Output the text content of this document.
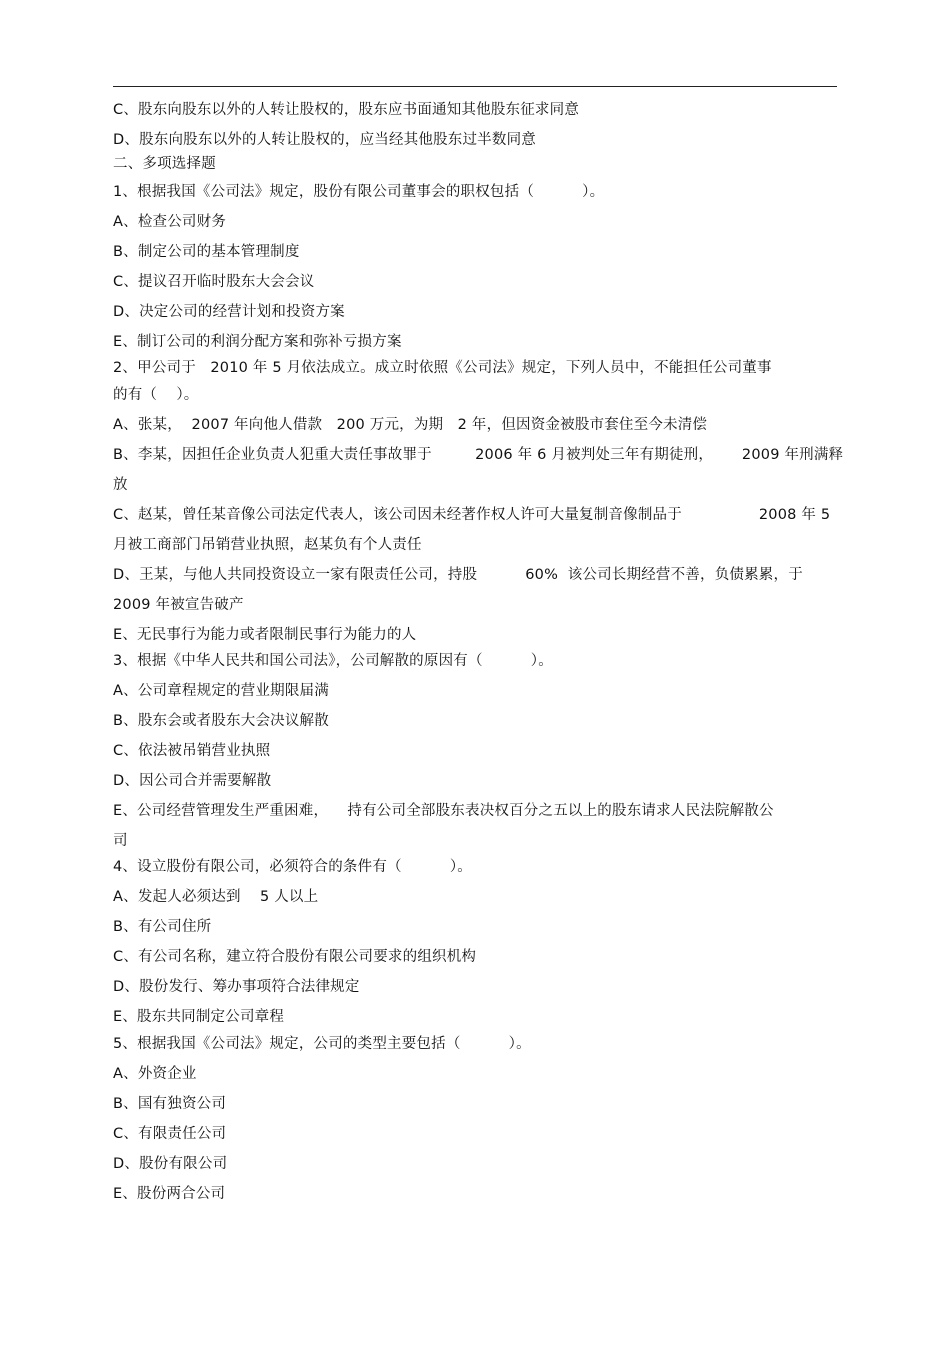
C、股东向股东以外的人转让股权的，股东应书面通知其他股东征求同意
D、股东向股东以外的人转让股权的，应当经其他股东过半数同意
二、多项选择题
1、根据我国《公司法》规定，股份有限公司董事会的职权包括（          ）。
A、检查公司财务
B、制定公司的基本管理制度
C、提议召开临时股东大会会议
D、决定公司的经营计划和投资方案
E、制订公司的利润分配方案和弥补亏损方案
2、甲公司于   2010 年 5 月依法成立。成立时依照《公司法》规定，下列人员中，不能担任公司董事
的有（    ）。
A、张某，  2007 年向他人借款   200 万元，为期   2 年，但因资金被股市套住至今未清偿
B、李某，因担任企业负责人犯重大责任事故罪于         2006 年 6 月被判处三年有期徒刑，      2009 年刑满释
放
C、赵某，曾任某音像公司法定代表人，该公司因未经著作权人许可大量复制音像制品于                2008 年 5
月被工商部门吊销营业执照，赵某负有个人责任
D、王某，与他人共同投资设立一家有限责任公司，持股          60%  该公司长期经营不善，负债累累，于
2009 年被宣告破产
E、无民事行为能力或者限制民事行为能力的人
3、根据《中华人民共和国公司法》，公司解散的原因有（          ）。
A、公司章程规定的营业期限届满
B、股东会或者股东大会决议解散
C、依法被吊销营业执照
D、因公司合并需要解散
E、公司经营管理发生严重困难，    持有公司全部股东表决权百分之五以上的股东请求人民法院解散公
司
4、设立股份有限公司，必须符合的条件有（          ）。
A、发起人必须达到    5 人以上
B、有公司住所
C、有公司名称，建立符合股份有限公司要求的组织机构
D、股份发行、筹办事项符合法律规定
E、股东共同制定公司章程
5、根据我国《公司法》规定，公司的类型主要包括（          ）。
A、外资企业
B、国有独资公司
C、有限责任公司
D、股份有限公司
E、股份两合公司
